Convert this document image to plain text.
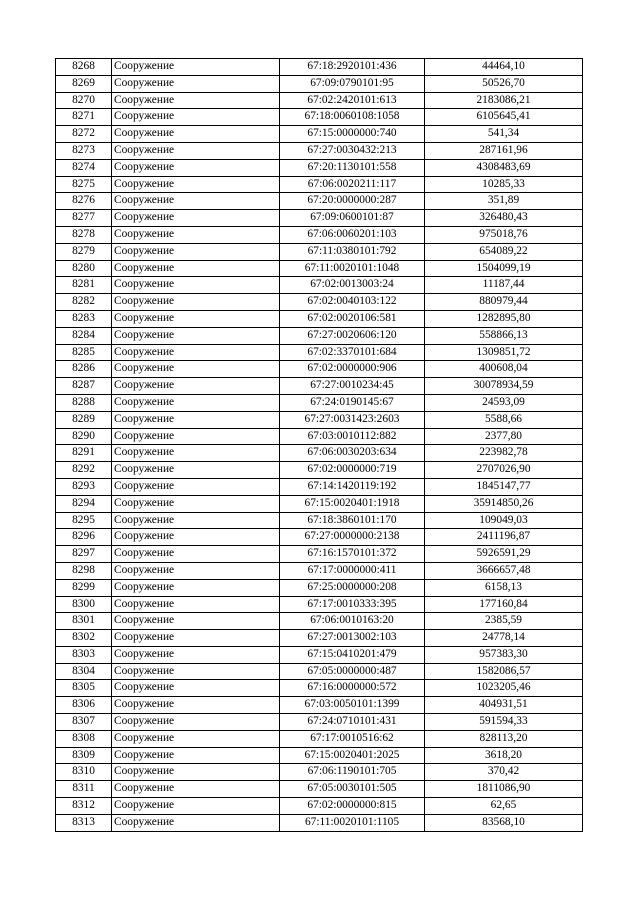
8268	Сооружение	67:18:2920101:436	44464,10
8269	Сооружение	67:09:0790101:95	50526,70
8270	Сооружение	67:02:2420101:613	2183086,21
8271	Сооружение	67:18:0060108:1058	6105645,41
8272	Сооружение	67:15:0000000:740	541,34
8273	Сооружение	67:27:0030432:213	287161,96
8274	Сооружение	67:20:1130101:558	4308483,69
8275	Сооружение	67:06:0020211:117	10285,33
8276	Сооружение	67:20:0000000:287	351,89
8277	Сооружение	67:09:0600101:87	326480,43
8278	Сооружение	67:06:0060201:103	975018,76
8279	Сооружение	67:11:0380101:792	654089,22
8280	Сооружение	67:11:0020101:1048	1504099,19
8281	Сооружение	67:02:0013003:24	11187,44
8282	Сооружение	67:02:0040103:122	880979,44
8283	Сооружение	67:02:0020106:581	1282895,80
8284	Сооружение	67:27:0020606:120	558866,13
8285	Сооружение	67:02:3370101:684	1309851,72
8286	Сооружение	67:02:0000000:906	400608,04
8287	Сооружение	67:27:0010234:45	30078934,59
8288	Сооружение	67:24:0190145:67	24593,09
8289	Сооружение	67:27:0031423:2603	5588,66
8290	Сооружение	67:03:0010112:882	2377,80
8291	Сооружение	67:06:0030203:634	223982,78
8292	Сооружение	67:02:0000000:719	2707026,90
8293	Сооружение	67:14:1420119:192	1845147,77
8294	Сооружение	67:15:0020401:1918	35914850,26
8295	Сооружение	67:18:3860101:170	109049,03
8296	Сооружение	67:27:0000000:2138	2411196,87
8297	Сооружение	67:16:1570101:372	5926591,29
8298	Сооружение	67:17:0000000:411	3666657,48
8299	Сооружение	67:25:0000000:208	6158,13
8300	Сооружение	67:17:0010333:395	177160,84
8301	Сооружение	67:06:0010163:20	2385,59
8302	Сооружение	67:27:0013002:103	24778,14
8303	Сооружение	67:15:0410201:479	957383,30
8304	Сооружение	67:05:0000000:487	1582086,57
8305	Сооружение	67:16:0000000:572	1023205,46
8306	Сооружение	67:03:0050101:1399	404931,51
8307	Сооружение	67:24:0710101:431	591594,33
8308	Сооружение	67:17:0010516:62	828113,20
8309	Сооружение	67:15:0020401:2025	3618,20
8310	Сооружение	67:06:1190101:705	370,42
8311	Сооружение	67:05:0030101:505	1811086,90
8312	Сооружение	67:02:0000000:815	62,65
8313	Сооружение	67:11:0020101:1105	83568,10
